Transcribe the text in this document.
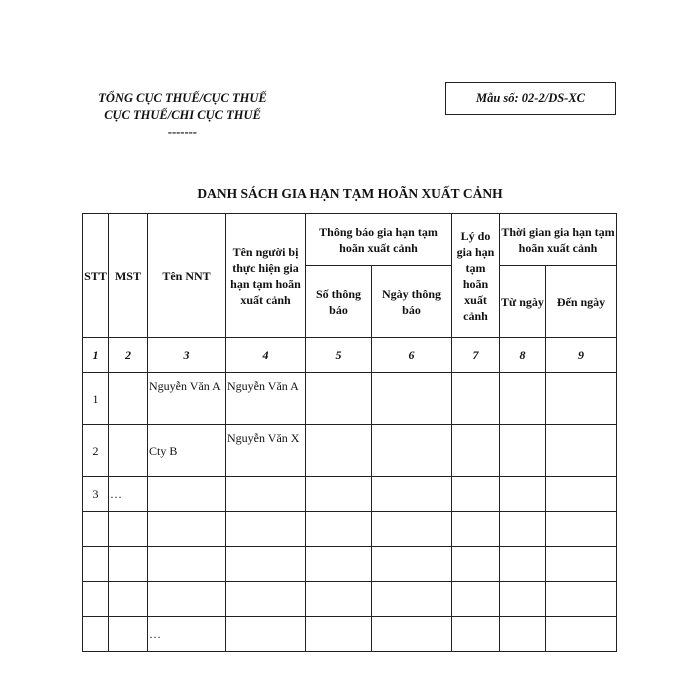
TỔNG CỤC THUẾ/CỤC THUẾ
CỤC THUẾ/CHI CỤC THUẾ
-------
Mẫu số: 02-2/DS-XC
DANH SÁCH GIA HẠN TẠM HOÃN XUẤT CẢNH
STT	MST	Tên NNT	Tên người bị thực hiện gia hạn tạm hoãn xuất cảnh	Thông báo gia hạn tạm hoãn xuất cảnh		Lý do gia hạn tạm hoãn xuất cảnh	Thời gian gia hạn tạm hoãn xuất cảnh	
				Số thông báo	Ngày thông báo		Từ ngày	Đến ngày
1	2	3	4	5	6	7	8	9
1		Nguyễn Văn A	Nguyễn Văn A					
2		Cty B	Nguyễn Văn X					
3	…							

		…						
